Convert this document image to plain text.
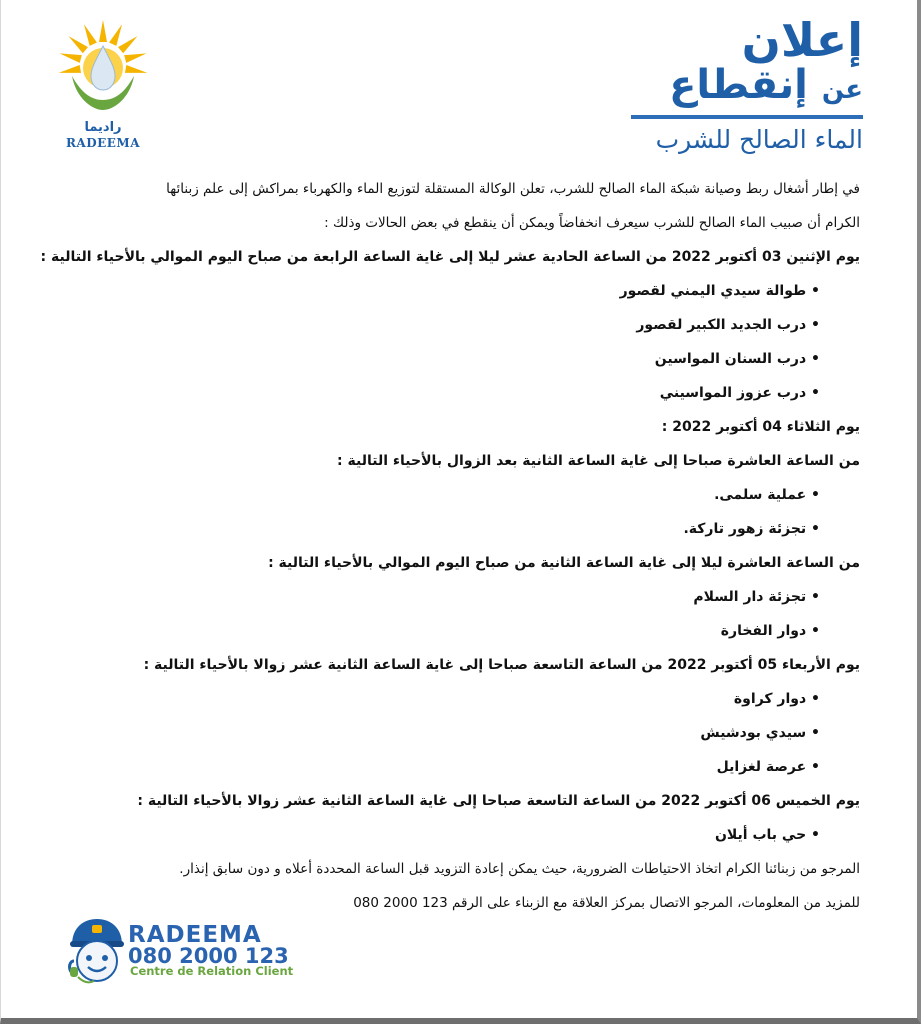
راديما
RADEEMA
إعلان
عن إنقطاع
الماء الصالح للشرب
في إطار أشغال ربط وصيانة شبكة الماء الصالح للشرب، تعلن الوكالة المستقلة لتوزيع الماء والكهرباء بمراكش إلى علم زبنائها
الكرام أن صبيب الماء الصالح للشرب سيعرف انخفاضاً ويمكن أن ينقطع في بعض الحالات وذلك :
يوم الإثنين 03 أكتوبر 2022 من الساعة الحادية عشر ليلا إلى غاية الساعة الرابعة من صباح اليوم الموالي بالأحياء التالية :
• طوالة سيدي اليمني لقصور
• درب الجديد الكبير لقصور
• درب السنان المواسين
• درب عزوز المواسيني
يوم الثلاثاء 04 أكتوبر 2022 :
من الساعة العاشرة صباحا إلى غاية الساعة الثانية بعد الزوال بالأحياء التالية :
• عملية سلمى.
• تجزئة زهور تاركة.
من الساعة العاشرة ليلا إلى غاية الساعة الثانية من صباح اليوم الموالي بالأحياء التالية :
• تجزئة دار السلام
• دوار الفخارة
يوم الأربعاء 05 أكتوبر 2022 من الساعة التاسعة صباحا إلى غاية الساعة الثانية عشر زوالا بالأحياء التالية :
• دوار كراوة
• سيدي بودشيش
• عرصة لغزايل
يوم الخميس 06 أكتوبر 2022 من الساعة التاسعة صباحا إلى غاية الساعة الثانية عشر زوالا بالأحياء التالية :
• حي باب أيلان
المرجو من زبنائنا الكرام اتخاذ الاحتياطات الضرورية، حيث يمكن إعادة التزويد قبل الساعة المحددة أعلاه و دون سابق إنذار.
للمزيد من المعلومات، المرجو الاتصال بمركز العلاقة مع الزبناء على الرقم 123 2000 080
RADEEMA
080 2000 123
Centre de Relation Client
